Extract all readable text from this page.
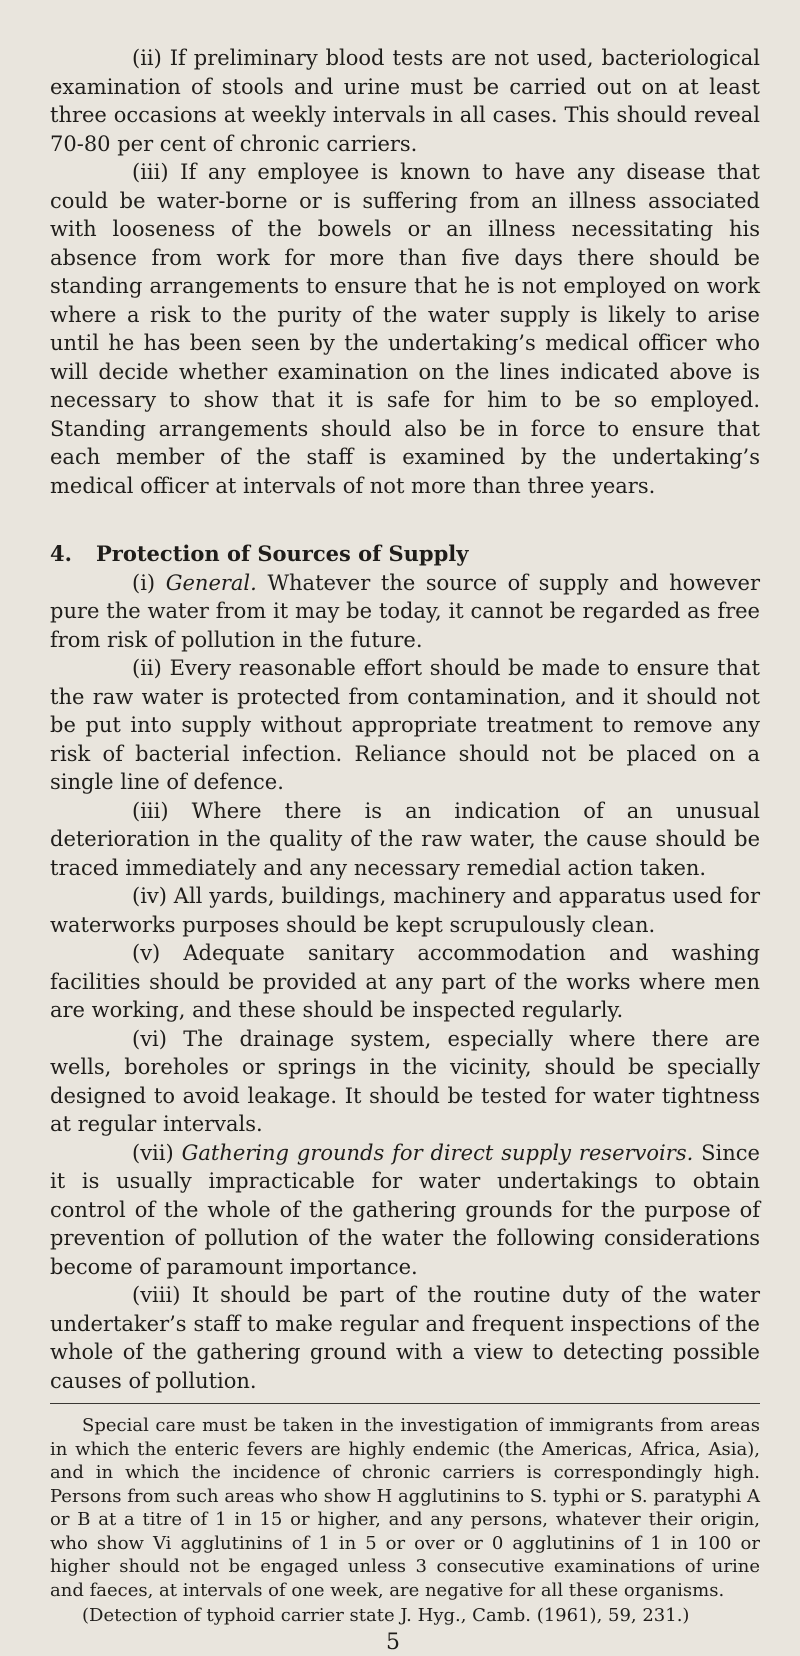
(ii) If preliminary blood tests are not used, bacteriological examination of stools and urine must be carried out on at least three occasions at weekly intervals in all cases. This should reveal 70-80 per cent of chronic carriers.

(iii) If any employee is known to have any disease that could be water-borne or is suffering from an illness associated with looseness of the bowels or an illness necessitating his absence from work for more than five days there should be standing arrangements to ensure that he is not employed on work where a risk to the purity of the water supply is likely to arise until he has been seen by the undertaking’s medical officer who will decide whether examination on the lines indicated above is necessary to show that it is safe for him to be so employed. Standing arrangements should also be in force to ensure that each member of the staff is examined by the undertaking’s medical officer at intervals of not more than three years.

4. Protection of Sources of Supply

(i) General. Whatever the source of supply and however pure the water from it may be today, it cannot be regarded as free from risk of pollution in the future.

(ii) Every reasonable effort should be made to ensure that the raw water is protected from contamination, and it should not be put into supply without appropriate treatment to remove any risk of bacterial infection. Reliance should not be placed on a single line of defence.

(iii) Where there is an indication of an unusual deterioration in the quality of the raw water, the cause should be traced immediately and any necessary remedial action taken.

(iv) All yards, buildings, machinery and apparatus used for waterworks purposes should be kept scrupulously clean.

(v) Adequate sanitary accommodation and washing facilities should be provided at any part of the works where men are working, and these should be inspected regularly.

(vi) The drainage system, especially where there are wells, boreholes or springs in the vicinity, should be specially designed to avoid leakage. It should be tested for water tightness at regular intervals.

(vii) Gathering grounds for direct supply reservoirs. Since it is usually impracticable for water undertakings to obtain control of the whole of the gathering grounds for the purpose of prevention of pollution of the water the following considerations become of paramount importance.

(viii) It should be part of the routine duty of the water undertaker’s staff to make regular and frequent inspections of the whole of the gathering ground with a view to detecting possible causes of pollution.

Special care must be taken in the investigation of immigrants from areas in which the enteric fevers are highly endemic (the Americas, Africa, Asia), and in which the incidence of chronic carriers is correspondingly high. Persons from such areas who show H agglutinins to S. typhi or S. paratyphi A or B at a titre of 1 in 15 or higher, and any persons, whatever their origin, who show Vi agglutinins of 1 in 5 or over or 0 agglutinins of 1 in 100 or higher should not be engaged unless 3 consecutive examinations of urine and faeces, at intervals of one week, are negative for all these organisms.

(Detection of typhoid carrier state J. Hyg., Camb. (1961), 59, 231.)

5
